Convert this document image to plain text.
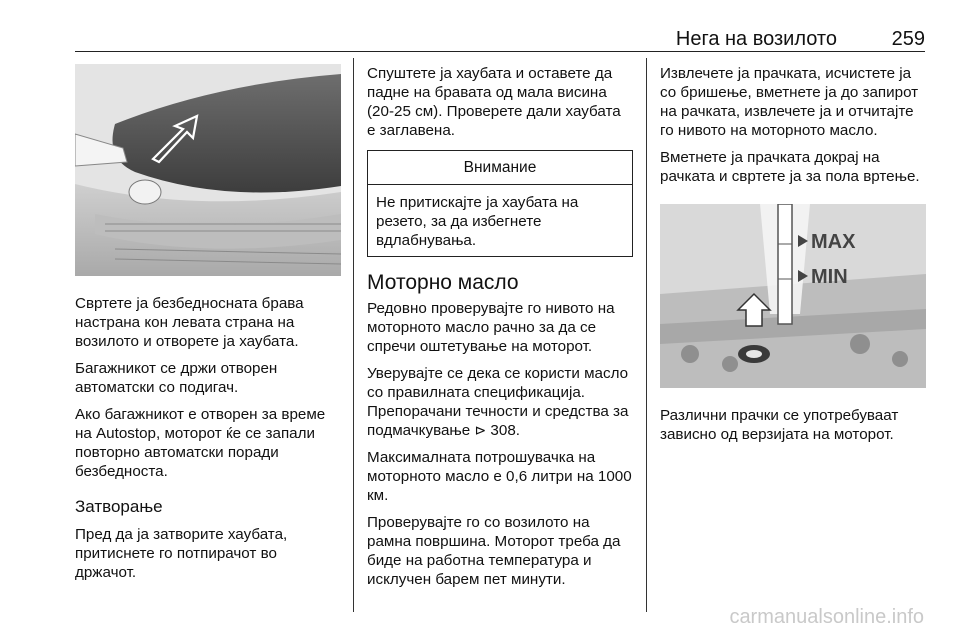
Нега на возилото	259

Свртете ја безбедносната брава настрана кон левата страна на возилото и отворете ја хаубата.

Багажникот се држи отворен автоматски со подигач.

Ако багажникот е отворен за време на Autostop, моторот ќе се запали повторно автоматски поради безбедноста.

Затворање

Пред да ја затворите хаубата, притиснете го потпирачот во држачот.

Спуштете ја хаубата и оставете да падне на бравата од мала висина (20-25 см). Проверете дали хаубата е заглавена.

Внимание

Не притискајте ја хаубата на резето, за да избегнете вдлабнувања.

Моторно масло

Редовно проверувајте го нивото на моторното масло рачно за да се спречи оштетување на моторот.

Уверувајте се дека се користи масло со правилната спецификација. Препорачани течности и средства за подмачкување ⊳ 308.

Максималната потрошувачка на моторното масло е 0,6 литри на 1000 км.

Проверувајте го со возилото на рамна површина. Моторот треба да биде на работна температура и исклучен барем пет минути.

Извлечете ја прачката, исчистете ја со бришење, вметнете ја до запирот на рачката, извлечете ја и отчитајте го нивото на моторното масло.

Вметнете ја прачката докрај на рачката и свртете ја за пола вртење.

MAX
MIN

Различни прачки се употребуваат зависно од верзијата на моторот.

carmanualsonline.info
